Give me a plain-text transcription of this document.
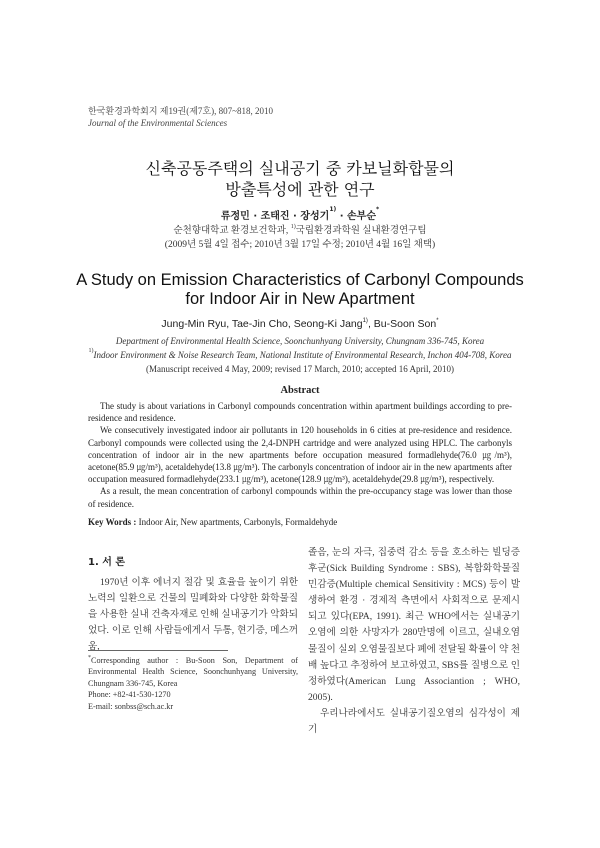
한국환경과학회지 제19권(제7호), 807~818, 2010
Journal of the Environmental Sciences
신축공동주택의 실내공기 중 카보닐화합물의
방출특성에 관한 연구
류정민 · 조태진 · 장성기$^{1)}$ · 손부순*
순천향대학교 환경보건학과, $^{1)}$국립환경과학원 실내환경연구팀
(2009년 5월 4일 접수; 2010년 3월 17일 수정; 2010년 4월 16일 채택)
A Study on Emission Characteristics of Carbonyl Compounds
for Indoor Air in New Apartment
Jung-Min Ryu, Tae-Jin Cho, Seong-Ki Jang$^{1)}$, Bu-Soon Son*
Department of Environmental Health Science, Soonchunhyang University, Chungnam 336-745, Korea
$^{1)}$Indoor Environment & Noise Research Team, National Institute of Environmental Research, Inchon 404-708, Korea
(Manuscript received 4 May, 2009; revised 17 March, 2010; accepted 16 April, 2010)
Abstract

The study is about variations in Carbonyl compounds concentration within apartment buildings according to pre-residence and residence.

We consecutively investigated indoor air pollutants in 120 households in 6 cities at pre-residence and residence. Carbonyl compounds were collected using the 2,4-DNPH cartridge and were analyzed using HPLC. The carbonyls concentration of indoor air in the new apartments before occupation measured formadlehyde(76.0 ㎍/m³), acetone(85.9 ㎍/m³), acetaldehyde(13.8 ㎍/m³). The carbonyls concentration of indoor air in the new apartments after occupation measured formadlehyde(233.1 ㎍/m³), acetone(128.9 ㎍/m³), acetaldehyde(29.8 ㎍/m³), respectively.

As a result, the mean concentration of carbonyl compounds within the pre-occupancy stage was lower than those of residence.

Key Words : Indoor Air, New apartments, Carbonyls, Formaldehyde
1. 서 론

1970년 이후 에너지 절감 및 효율을 높이기 위한 노력의 일환으로 건물의 밀폐화와 다양한 화학물질을 사용한 실내 건축자재로 인해 실내공기가 악화되었다. 이로 인해 사람들에게서 두통, 현기증, 메스꺼움,

졸음, 눈의 자극, 집중력 감소 등을 호소하는 빌딩증후군(Sick Building Syndrome : SBS), 복합화학물질민감증(Multiple chemical Sensitivity : MCS) 등이 발생하여 환경 · 경제적 측면에서 사회적으로 문제시 되고 있다(EPA, 1991). 최근 WHO에서는 실내공기오염에 의한 사망자가 280만명에 이르고, 실내오염물질이 실외 오염물질보다 폐에 전달될 확률이 약 천배 높다고 추정하여 보고하였고, SBS를 질병으로 인정하였다(American Lung Associantion ; WHO, 2005).

우리나라에서도 실내공기질오염의 심각성이 제기

*Corresponding author : Bu-Soon Son, Department of Environmental Health Science, Soonchunhyang University, Chungnam 336-745, Korea

Phone: +82-41-530-1270

E-mail: sonbss@sch.ac.kr
